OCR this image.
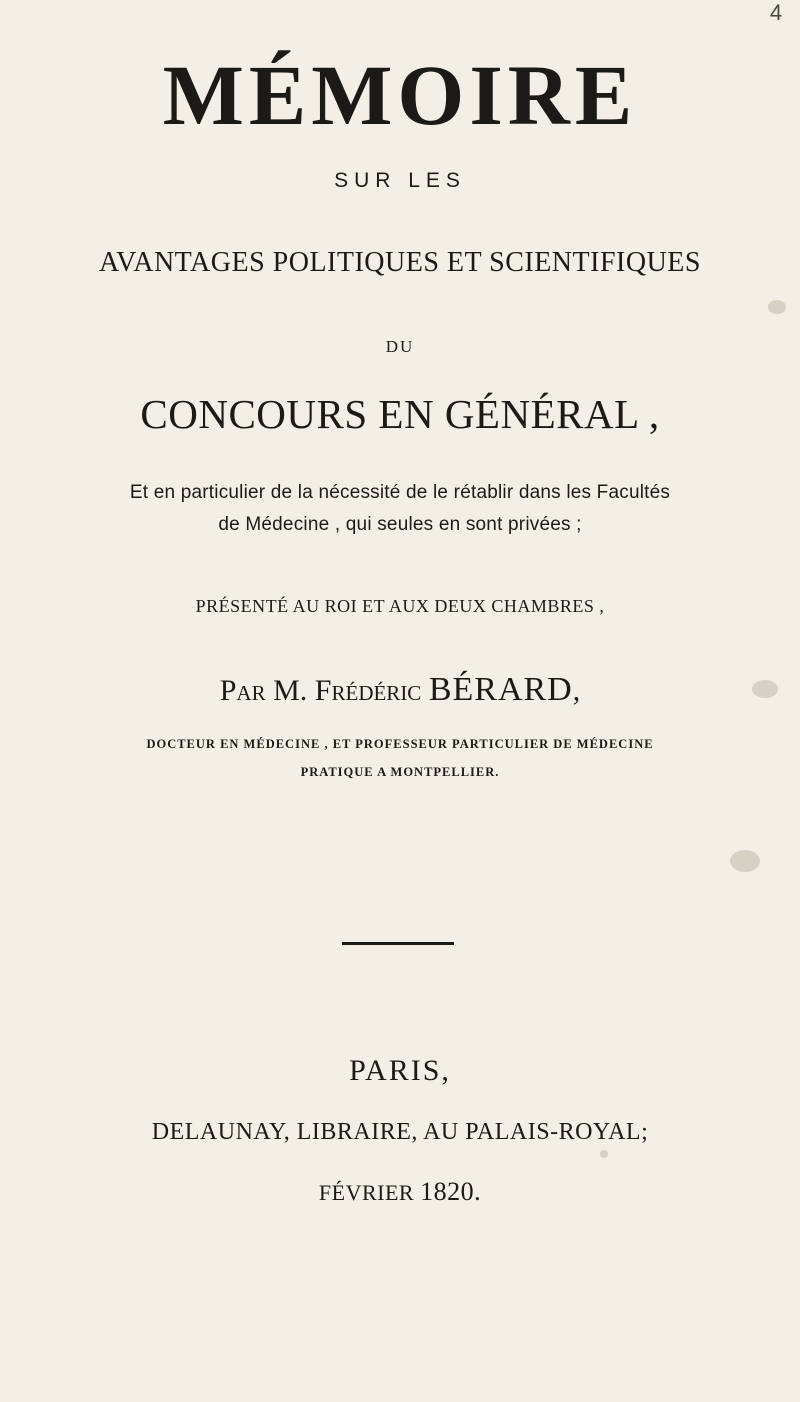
4
MÉMOIRE
SUR LES
AVANTAGES POLITIQUES ET SCIENTIFIQUES
DU
CONCOURS EN GÉNÉRAL ,
Et en particulier de la nécessité de le rétablir dans les Facultés
de Médecine , qui seules en sont privées ;
PRÉSENTÉ AU ROI ET AUX DEUX CHAMBRES ,
Par M. Frédéric BÉRARD,
DOCTEUR EN MÉDECINE , ET PROFESSEUR PARTICULIER DE MÉDECINE
PRATIQUE A MONTPELLIER.
PARIS,
DELAUNAY, LIBRAIRE, AU PALAIS-ROYAL;
FÉVRIER 1820.
